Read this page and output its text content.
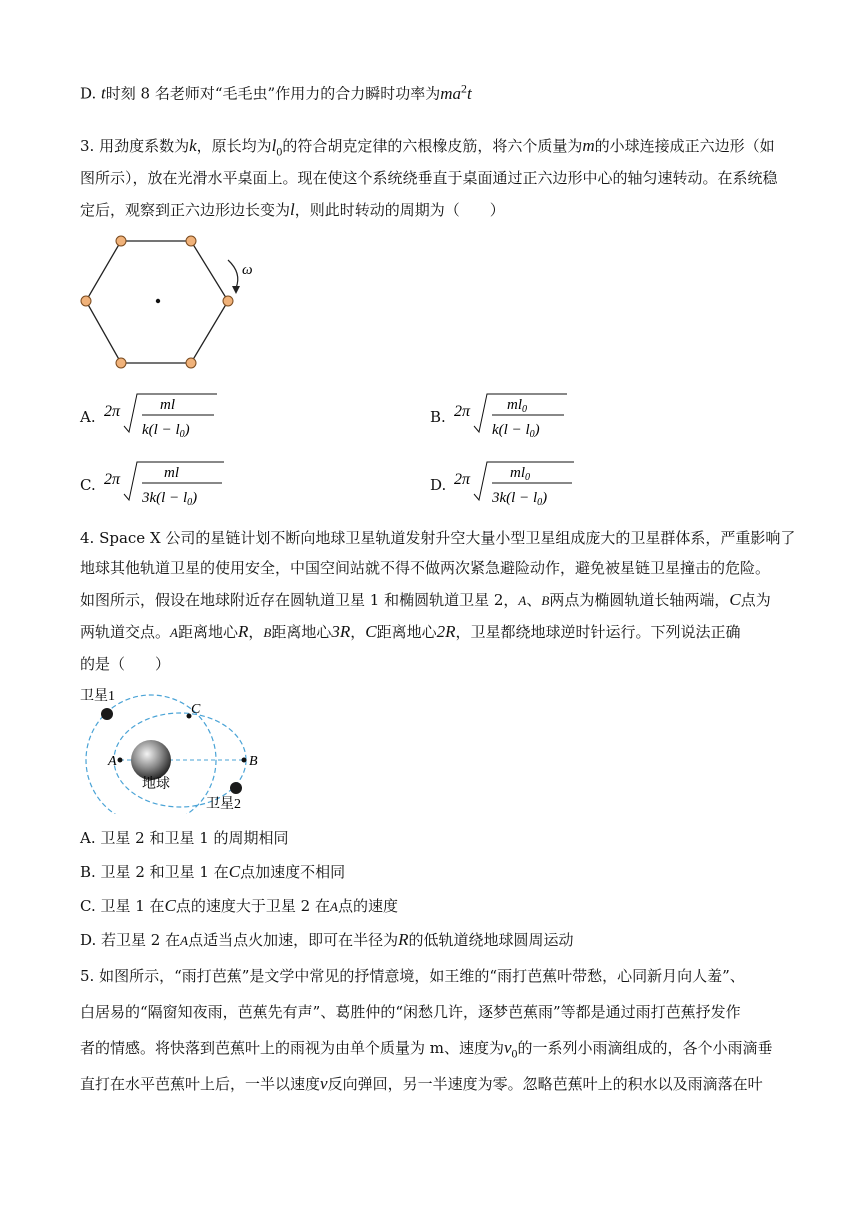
D. t时刻 8 名老师对“毛毛虫”作用力的合力瞬时功率为$ma^2t$
3. 用劲度系数为k，原长均为$l_0$的符合胡克定律的六根橡皮筋，将六个质量为m的小球连接成正六边形（如
图所示），放在光滑水平桌面上。现在使这个系统绕垂直于桌面通过正六边形中心的轴匀速转动。在系统稳
定后，观察到正六边形边长变为l，则此时转动的周期为（　　）
ω
A. 2π	ml
$k(l - l_0)$
B. 2π $ml_0$
$k(l - l_0)$
C. 2π	ml
$3k(l - l_0)$
D. 2π	$ml_0$
$3k(l - l_0)$
4. Space X 公司的星链计划不断向地球卫星轨道发射升空大量小型卫星组成庞大的卫星群体系，严重影响了
地球其他轨道卫星的使用安全，中国空间站就不得不做两次紧急避险动作，避免被星链卫星撞击的危险。
如图所示，假设在地球附近存在圆轨道卫星 1 和椭圆轨道卫星 2，A、B两点为椭圆轨道长轴两端，C点为
两轨道交点。A距离地心R，B距离地心3R，C距离地心2R，卫星都绕地球逆时针运行。下列说法正确
的是（　　）
地球
A	B
C
卫星1
卫星2
A. 卫星 2 和卫星 1 的周期相同
B. 卫星 2 和卫星 1 在C点加速度不相同
C. 卫星 1 在C点的速度大于卫星 2 在A点的速度
D. 若卫星 2 在A点适当点火加速，即可在半径为R的低轨道绕地球圆周运动
5. 如图所示，“雨打芭蕉”是文学中常见的抒情意境，如王维的“雨打芭蕉叶带愁，心同新月向人羞”、
白居易的“隔窗知夜雨，芭蕉先有声”、葛胜仲的“闲愁几许，逐梦芭蕉雨”等都是通过雨打芭蕉抒发作
者的情感。将快落到芭蕉叶上的雨视为由单个质量为 m、速度为$v_0$的一系列小雨滴组成的，各个小雨滴垂
直打在水平芭蕉叶上后，一半以速度v反向弹回，另一半速度为零。忽略芭蕉叶上的积水以及雨滴落在叶
